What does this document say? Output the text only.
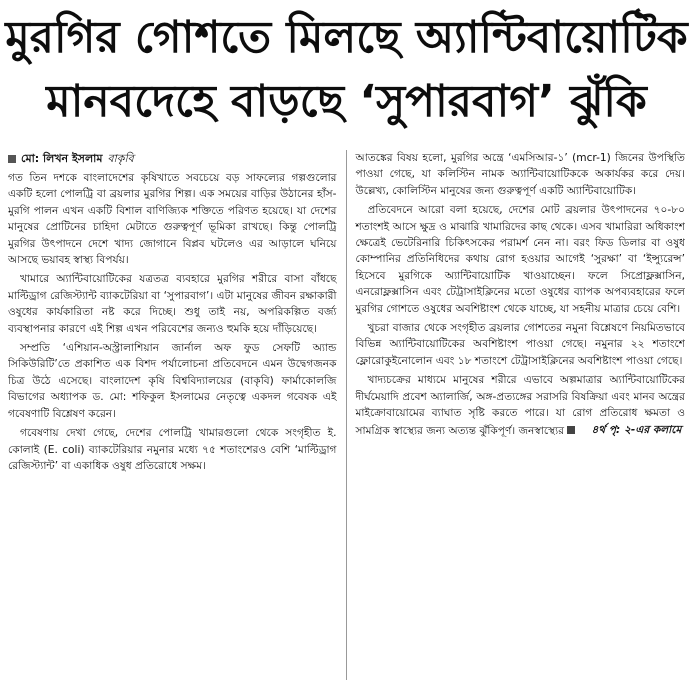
মুরগির গোশতে মিলছে অ্যান্টিবায়োটিক
মানবদেহে বাড়ছে ‘সুপারবাগ’ ঝুঁকি
মো: লিখন ইসলাম বাকৃবি

গত তিন দশকে বাংলাদেশের কৃষিখাতে সবচেয়ে বড় সাফল্যের গল্পগুলোর একটি হলো পোলট্রি বা ব্রয়লার মুরগির শিল্প। এক সময়ের বাড়ির উঠানের হাঁস-মুরগি পালন এখন একটি বিশাল বাণিজ্যিক শক্তিতে পরিণত হয়েছে। যা দেশের মানুষের প্রোটিনের চাহিদা মেটাতে গুরুত্বপূর্ণ ভূমিকা রাখছে। কিন্তু পোলট্রি মুরগির উৎপাদনে দেশে খাদ্য জোগানে বিপ্লব ঘটলেও এর আড়ালে ঘনিয়ে আসছে ভয়াবহ স্বাস্থ্য বিপর্যয়।

খামারে অ্যান্টিবায়োটিকের যত্রতত্র ব্যবহারে মুরগির শরীরে বাসা বাঁধছে মাল্টিড্রাগ রেজিস্ট্যান্ট ব্যাকটেরিয়া বা ‘সুপারবাগ’। এটা মানুষের জীবন রক্ষাকারী ওষুধের কার্যকারিতা নষ্ট করে দিচ্ছে। শুধু তাই নয়, অপরিকল্পিত বর্জ্য ব্যবস্থাপনার কারণে এই শিল্প এখন পরিবেশের জন্যও হুমকি হয়ে দাঁড়িয়েছে।

সম্প্রতি ‘এশিয়ান-অস্ট্রালাশিয়ান জার্নাল অফ ফুড সেফটি অ্যান্ড সিকিউরিটি’তে প্রকাশিত এক বিশদ পর্যালোচনা প্রতিবেদনে এমন উদ্বেগজনক চিত্র উঠে এসেছে। বাংলাদেশ কৃষি বিশ্ববিদ্যালয়ের (বাকৃবি) ফার্মাকোলজি বিভাগের অধ্যাপক ড. মো: শফিকুল ইসলামের নেতৃত্বে একদল গবেষক এই গবেষণাটি বিশ্লেষণ করেন।

গবেষণায় দেখা গেছে, দেশের পোলট্রি খামারগুলো থেকে সংগৃহীত ই. কোলাই (E. coli) ব্যাকটেরিয়ার নমুনার মধ্যে ৭৫ শতাংশেরও বেশি ‘মাল্টিড্রাগ রেজিস্ট্যান্ট’ বা একাধিক ওষুধ প্রতিরোধে সক্ষম।

আতঙ্কের বিষয় হলো, মুরগির অন্ত্রে ‘এমসিআর-১’ (mcr-1) জিনের উপস্থিতি পাওয়া গেছে, যা কলিস্টিন নামক অ্যান্টিবায়োটিককে অকার্যকর করে দেয়। উল্লেখ্য, কোলিস্টিন মানুষের জন্য গুরুত্বপূর্ণ একটি অ্যান্টিবায়োটিক।

প্রতিবেদনে আরো বলা হয়েছে, দেশের মোট ব্রয়লার উৎপাদনের ৭০-৮০ শতাংশই আসে ক্ষুদ্র ও মাঝারি খামারিদের কাছ থেকে। এসব খামারিরা অধিকাংশ ক্ষেত্রেই ভেটেরিনারি চিকিৎসকের পরামর্শ নেন না। বরং ফিড ডিলার বা ওষুধ কোম্পানির প্রতিনিধিদের কথায় রোগ হওয়ার আগেই ‘সুরক্ষা’ বা ‘ইন্স্যুরেন্স’ হিসেবে মুরগিকে অ্যান্টিবায়োটিক খাওয়াচ্ছেন। ফলে সিপ্রোফ্লক্সাসিন, এনরোফ্লক্সাসিন এবং টেট্রাসাইক্লিনের মতো ওষুধের ব্যাপক অপব্যবহারের ফলে মুরগির গোশতে ওষুধের অবশিষ্টাংশ থেকে যাচ্ছে, যা সহনীয় মাত্রার চেয়ে বেশি।

খুচরা বাজার থেকে সংগৃহীত ব্রয়লার গোশতের নমুনা বিশ্লেষণে নিয়মিতভাবে বিভিন্ন অ্যান্টিবায়োটিকের অবশিষ্টাংশ পাওয়া গেছে। নমুনার ২২ শতাংশে ফ্লোরোকুইনোলোন এবং ১৮ শতাংশে টেট্রাসাইক্লিনের অবশিষ্টাংশ পাওয়া গেছে।

খাদ্যচক্রের মাধ্যমে মানুষের শরীরে এভাবে অল্পমাত্রার অ্যান্টিবায়োটিকের দীর্ঘমেয়াদি প্রবেশ অ্যালার্জি, অঙ্গ-প্রত্যঙ্গের সরাসরি বিষক্রিয়া এবং মানব অন্ত্রের মাইক্রোবায়োমের ব্যাঘাত সৃষ্টি করতে পারে। যা রোগ প্রতিরোধ ক্ষমতা ও সামগ্রিক স্বাস্থ্যের জন্য অত্যন্ত ঝুঁকিপূর্ণ। জনস্বাস্থ্যের	৪র্থ পৃ: ২-এর কলামে
